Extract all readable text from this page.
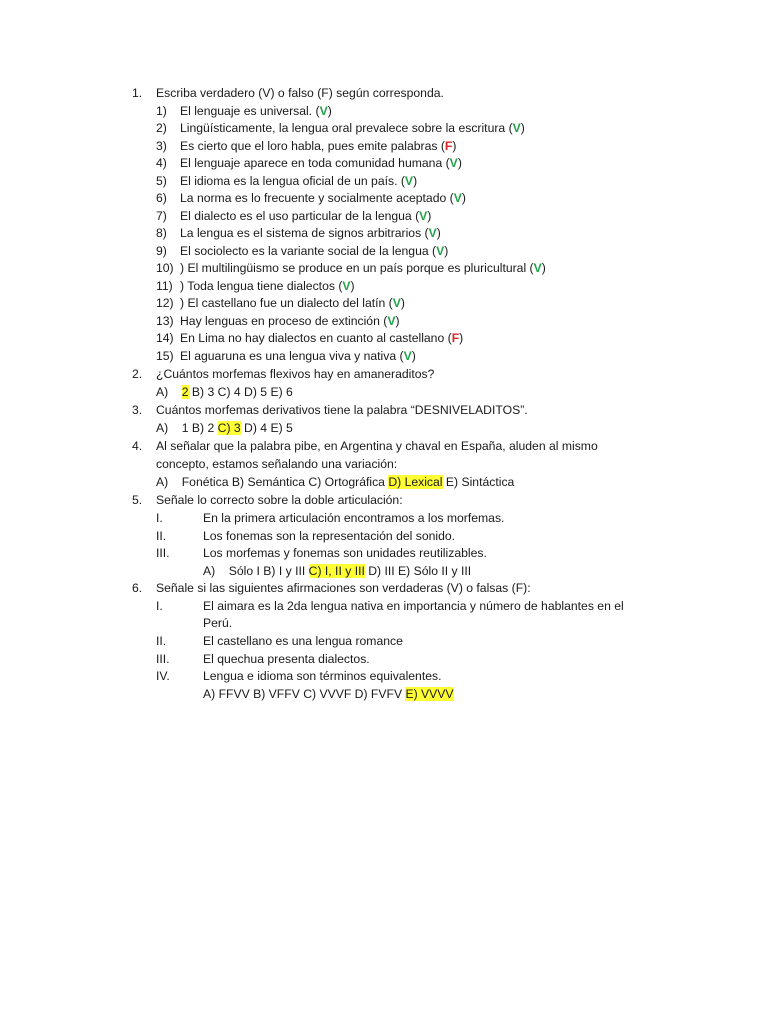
1. Escriba verdadero (V) o falso (F) según corresponda.
1) El lenguaje es universal. (V)
2) Lingüísticamente, la lengua oral prevalece sobre la escritura (V)
3) Es cierto que el loro habla, pues emite palabras (F)
4) El lenguaje aparece en toda comunidad humana (V)
5) El idioma es la lengua oficial de un país. (V)
6) La norma es lo frecuente y socialmente aceptado (V)
7) El dialecto es el uso particular de la lengua (V)
8) La lengua es el sistema de signos arbitrarios (V)
9) El sociolecto es la variante social de la lengua (V)
10) ) El multilingüismo se produce en un país porque es pluricultural (V)
11) ) Toda lengua tiene dialectos (V)
12) ) El castellano fue un dialecto del latín (V)
13) Hay lenguas en proceso de extinción (V)
14) En Lima no hay dialectos en cuanto al castellano (F)
15) El aguaruna es una lengua viva y nativa (V)
2. ¿Cuántos morfemas flexivos hay en amaneraditos?
A) 2 B) 3 C) 4 D) 5 E) 6
3. Cuántos morfemas derivativos tiene la palabra “DESNIVELADITOS”.
A) 1 B) 2 C) 3 D) 4 E) 5
4. Al señalar que la palabra pibe, en Argentina y chaval en España, aluden al mismo
concepto, estamos señalando una variación:
A) Fonética B) Semántica C) Ortográfica D) Lexical E) Sintáctica
5. Señale lo correcto sobre la doble articulación:
I.	En la primera articulación encontramos a los morfemas.
II.	Los fonemas son la representación del sonido.
III.	Los morfemas y fonemas son unidades reutilizables.
A) Sólo I B) I y III C) I, II y III D) III E) Sólo II y III
6. Señale si las siguientes afirmaciones son verdaderas (V) o falsas (F):
I.	El aimara es la 2da lengua nativa en importancia y número de hablantes en el
Perú.
II.	El castellano es una lengua romance
III.	El quechua presenta dialectos.
IV.	Lengua e idioma son términos equivalentes.
A) FFVV B) VFFV C) VVVF D) FVFV E) VVVV
